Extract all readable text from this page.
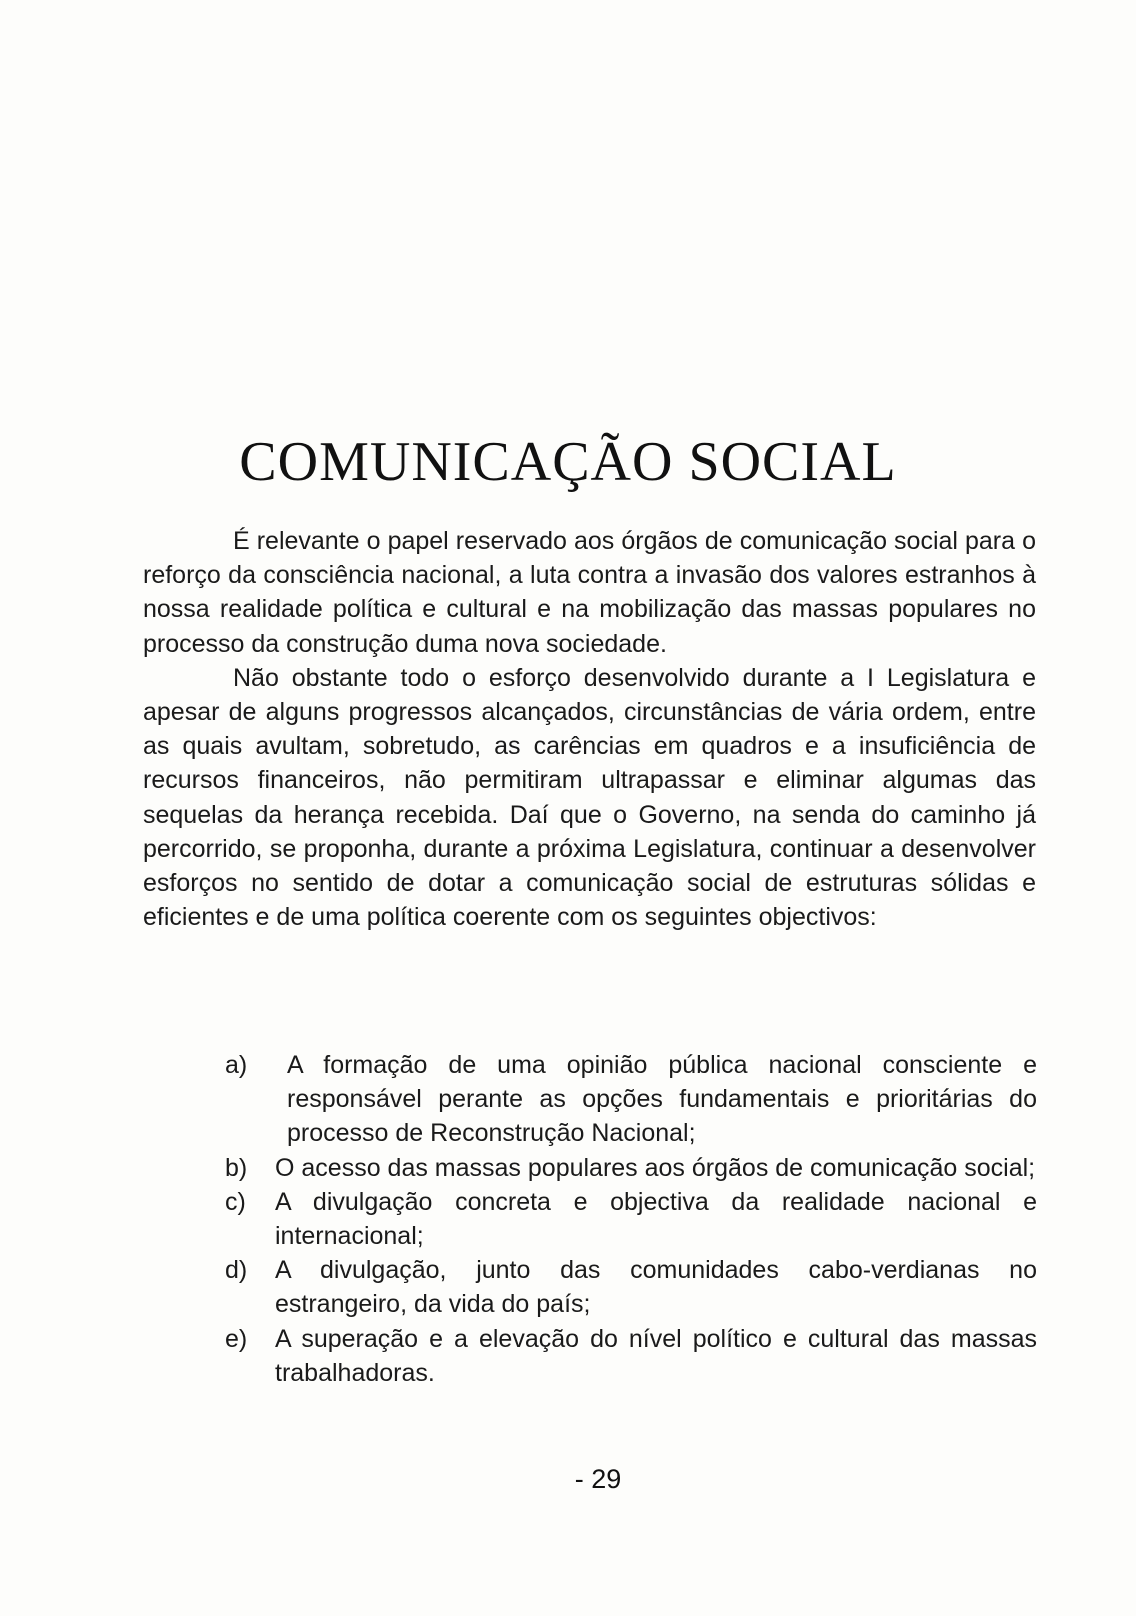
COMUNICAÇÃO SOCIAL

É relevante o papel reservado aos órgãos de comunicação social para o reforço da consciência nacional, a luta contra a invasão dos valores estranhos à nossa realidade política e cultural e na mobilização das massas populares no processo da construção duma nova sociedade.

Não obstante todo o esforço desenvolvido durante a I Legislatura e apesar de alguns progressos alcançados, circunstâncias de vária ordem, entre as quais avultam, sobretudo, as carências em quadros e a insuficiência de recursos financeiros, não permitiram ultrapassar e eliminar algumas das sequelas da herança recebida. Daí que o Governo, na senda do caminho já percorrido, se proponha, durante a próxima Legislatura, continuar a desenvolver esforços no sentido de dotar a comunicação social de estruturas sólidas e eficientes e de uma política coerente com os seguintes objectivos:

a)	A formação de uma opinião pública nacional consciente e responsável perante as opções fundamentais e prioritárias do processo de Reconstrução Nacional;
b) O acesso das massas populares aos órgãos de comunicação social;
c) A divulgação concreta e objectiva da realidade nacional e internacional;
d) A divulgação, junto das comunidades cabo-verdianas no estrangeiro, da vida do país;
e) A superação e a elevação do nível político e cultural das massas trabalhadoras.
- 29
